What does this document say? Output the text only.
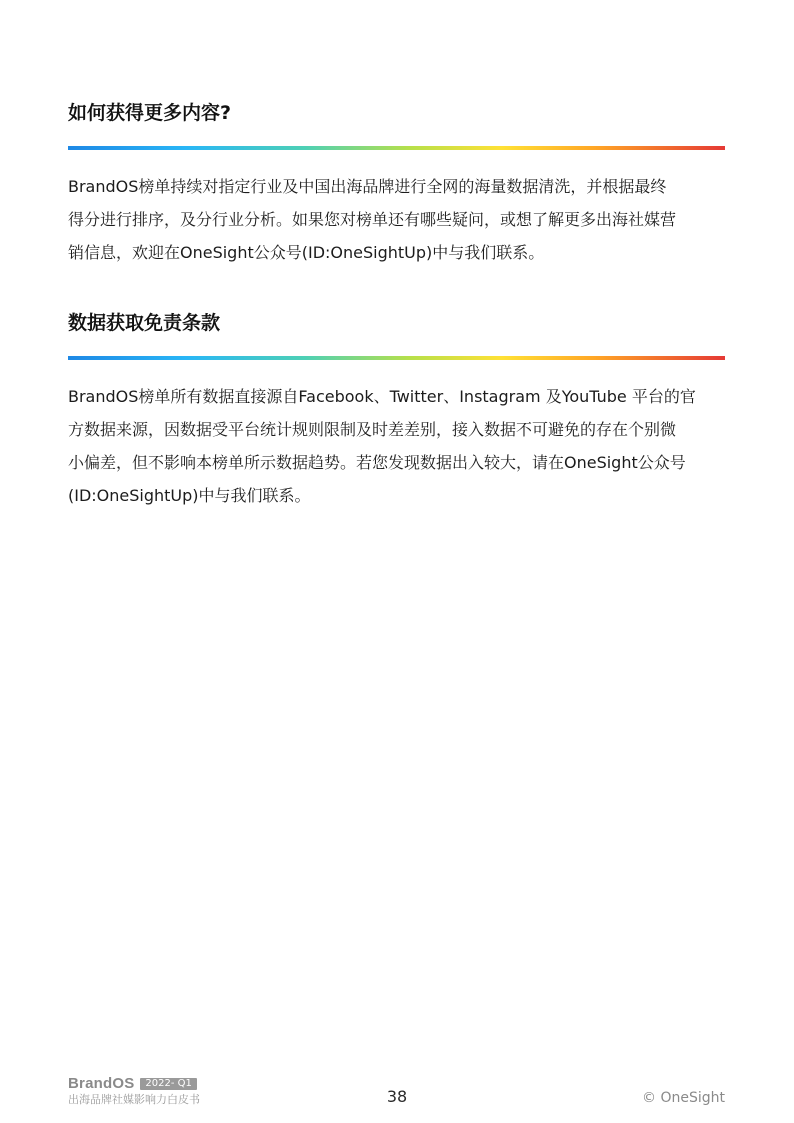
如何获得更多内容?

BrandOS榜单持续对指定行业及中国出海品牌进行全网的海量数据清洗，并根据最终
得分进行排序，及分行业分析。如果您对榜单还有哪些疑问，或想了解更多出海社媒营
销信息，欢迎在OneSight公众号(ID:OneSightUp)中与我们联系。

数据获取免责条款

BrandOS榜单所有数据直接源自Facebook、Twitter、Instagram 及YouTube 平台的官
方数据来源，因数据受平台统计规则限制及时差差别，接入数据不可避免的存在个别微
小偏差，但不影响本榜单所示数据趋势。若您发现数据出入较大，请在OneSight公众号
(ID:OneSightUp)中与我们联系。

BrandOS	2022- Q1
出海品牌社媒影响力白皮书	38	© OneSight
